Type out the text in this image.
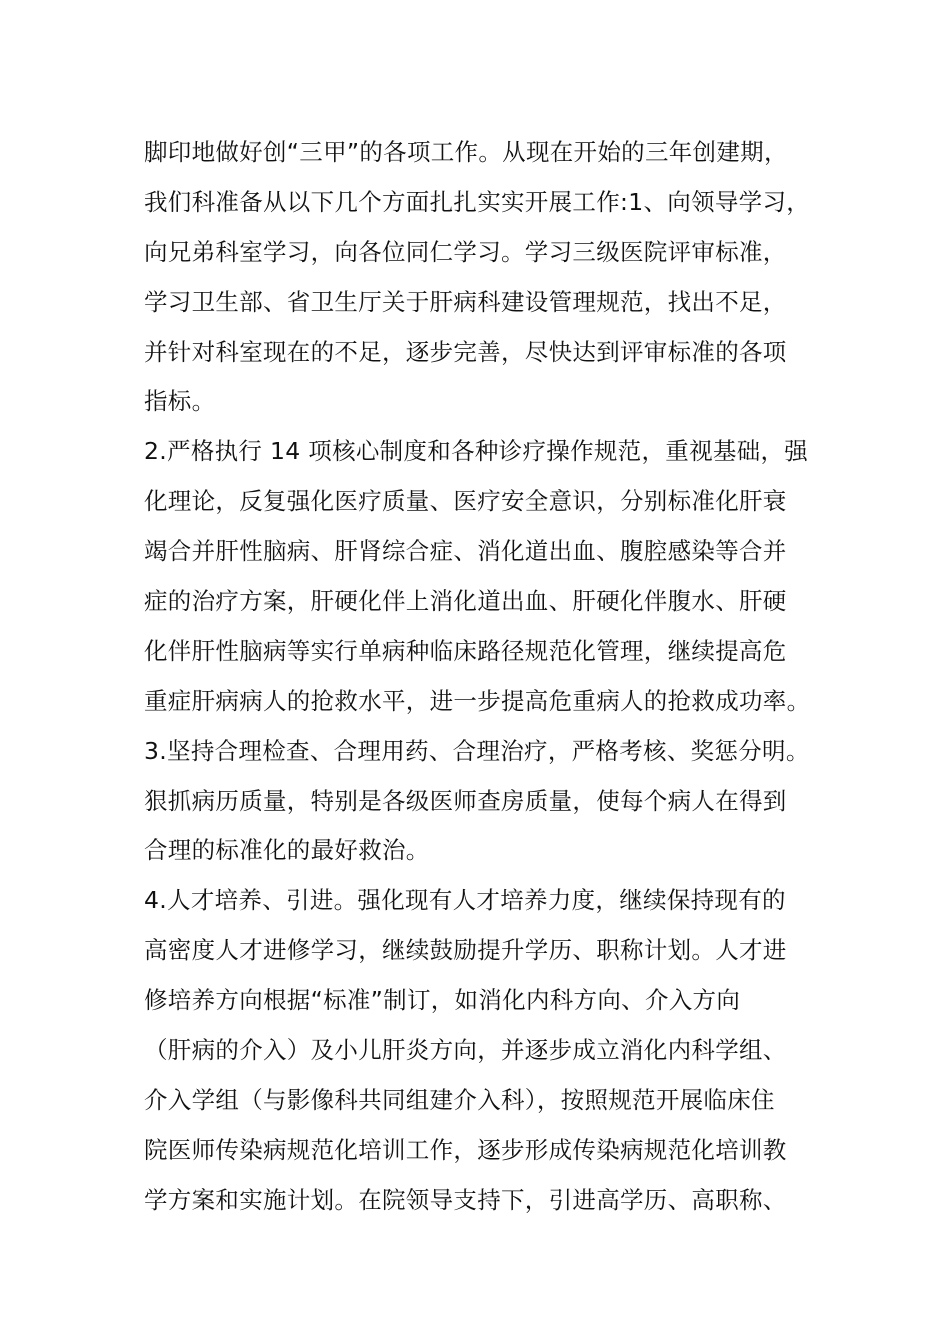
脚印地做好创“三甲”的各项工作。从现在开始的三年创建期，
我们科准备从以下几个方面扎扎实实开展工作:1、向领导学习，
向兄弟科室学习，向各位同仁学习。学习三级医院评审标准，
学习卫生部、省卫生厅关于肝病科建设管理规范，找出不足，
并针对科室现在的不足，逐步完善，尽快达到评审标准的各项
指标。
2.严格执行 14 项核心制度和各种诊疗操作规范，重视基础，强
化理论，反复强化医疗质量、医疗安全意识，分别标准化肝衰
竭合并肝性脑病、肝肾综合症、消化道出血、腹腔感染等合并
症的治疗方案，肝硬化伴上消化道出血、肝硬化伴腹水、肝硬
化伴肝性脑病等实行单病种临床路径规范化管理，继续提高危
重症肝病病人的抢救水平，进一步提高危重病人的抢救成功率。
3.坚持合理检查、合理用药、合理治疗，严格考核、奖惩分明。
狠抓病历质量，特别是各级医师查房质量，使每个病人在得到
合理的标准化的最好救治。
4.人才培养、引进。强化现有人才培养力度，继续保持现有的
高密度人才进修学习，继续鼓励提升学历、职称计划。人才进
修培养方向根据“标准”制订，如消化内科方向、介入方向
（肝病的介入）及小儿肝炎方向，并逐步成立消化内科学组、
介入学组（与影像科共同组建介入科），按照规范开展临床住
院医师传染病规范化培训工作，逐步形成传染病规范化培训教
学方案和实施计划。在院领导支持下，引进高学历、高职称、
